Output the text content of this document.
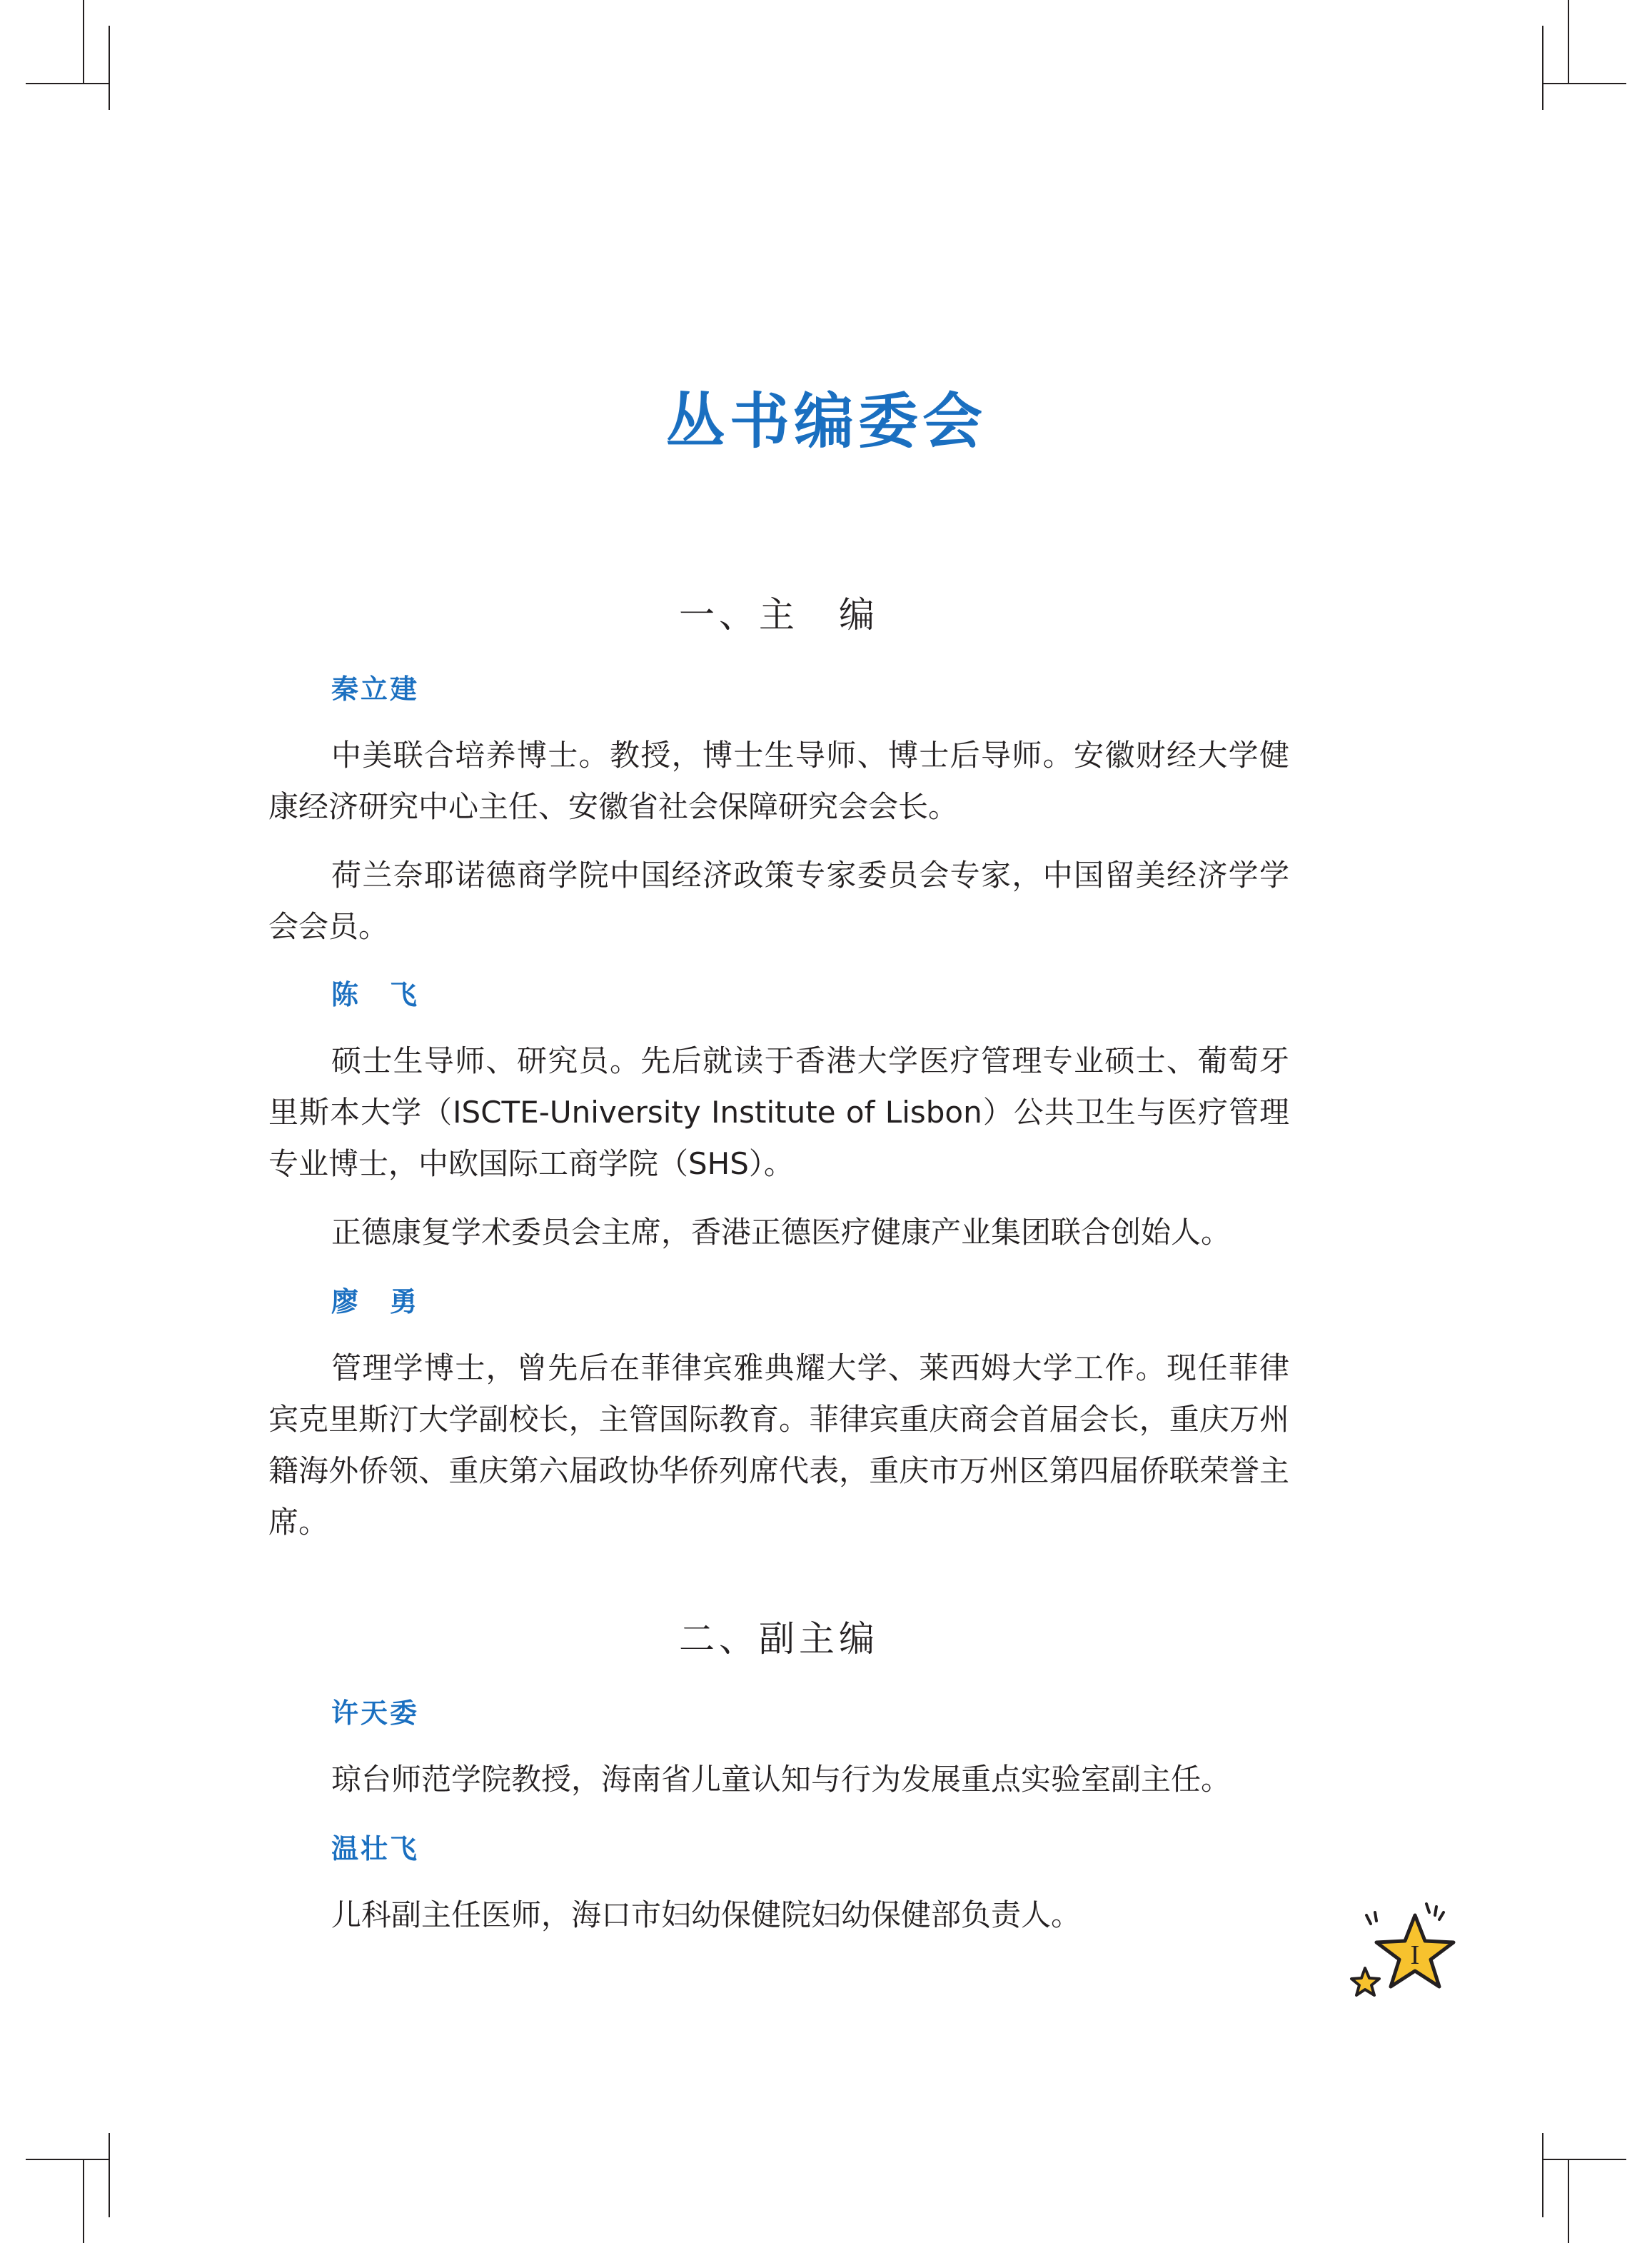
丛书编委会
一、主　编
秦立建

中美联合培养博士。教授，博士生导师、博士后导师。安徽财经大学健康经济研究中心主任、安徽省社会保障研究会会长。

荷兰奈耶诺德商学院中国经济政策专家委员会专家，中国留美经济学学会会员。

陈　飞

硕士生导师、研究员。先后就读于香港大学医疗管理专业硕士、葡萄牙里斯本大学（ISCTE-University Institute of Lisbon）公共卫生与医疗管理专业博士，中欧国际工商学院（SHS）。

正德康复学术委员会主席，香港正德医疗健康产业集团联合创始人。

廖　勇

管理学博士，曾先后在菲律宾雅典耀大学、莱西姆大学工作。现任菲律宾克里斯汀大学副校长，主管国际教育。菲律宾重庆商会首届会长，重庆万州籍海外侨领、重庆第六届政协华侨列席代表，重庆市万州区第四届侨联荣誉主席。

二、副主编
许天委

琼台师范学院教授，海南省儿童认知与行为发展重点实验室副主任。

温壮飞

儿科副主任医师，海口市妇幼保健院妇幼保健部负责人。

I
